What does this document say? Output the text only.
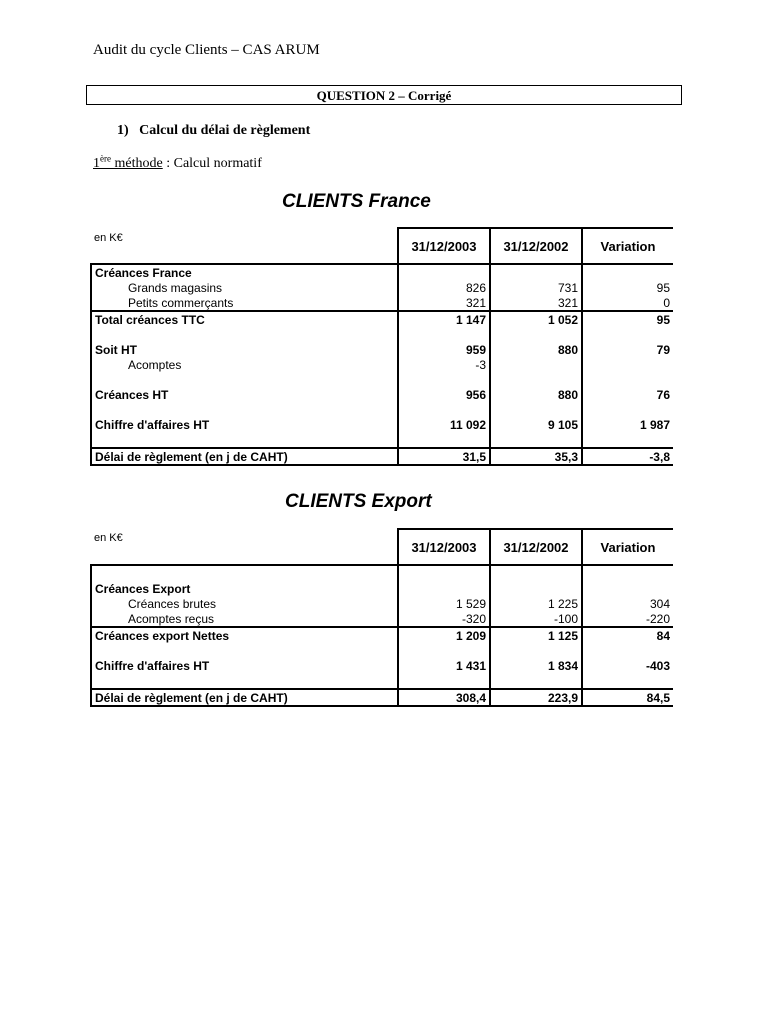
Audit du cycle Clients – CAS ARUM
QUESTION 2 – Corrigé
1)   Calcul du délai de règlement
1ère méthode : Calcul normatif
CLIENTS France
en K€
	31/12/2003	31/12/2002	Variation
Créances France			
Grands magasins	826	731	95
Petits commerçants	321	321	0
Total créances TTC	1 147	1 052	95

Soit HT	959	880	79
Acomptes	-3		

Créances HT	956	880	76

Chiffre d'affaires HT	11 092	9 105	1 987

Délai de règlement (en j de CAHT)	31,5	35,3	-3,8
CLIENTS Export
en K€
	31/12/2003	31/12/2002	Variation

Créances Export			
Créances brutes	1 529	1 225	304
Acomptes reçus	-320	-100	-220
Créances export Nettes	1 209	1 125	84

Chiffre d'affaires HT	1 431	1 834	-403

Délai de règlement (en j de CAHT)	308,4	223,9	84,5
